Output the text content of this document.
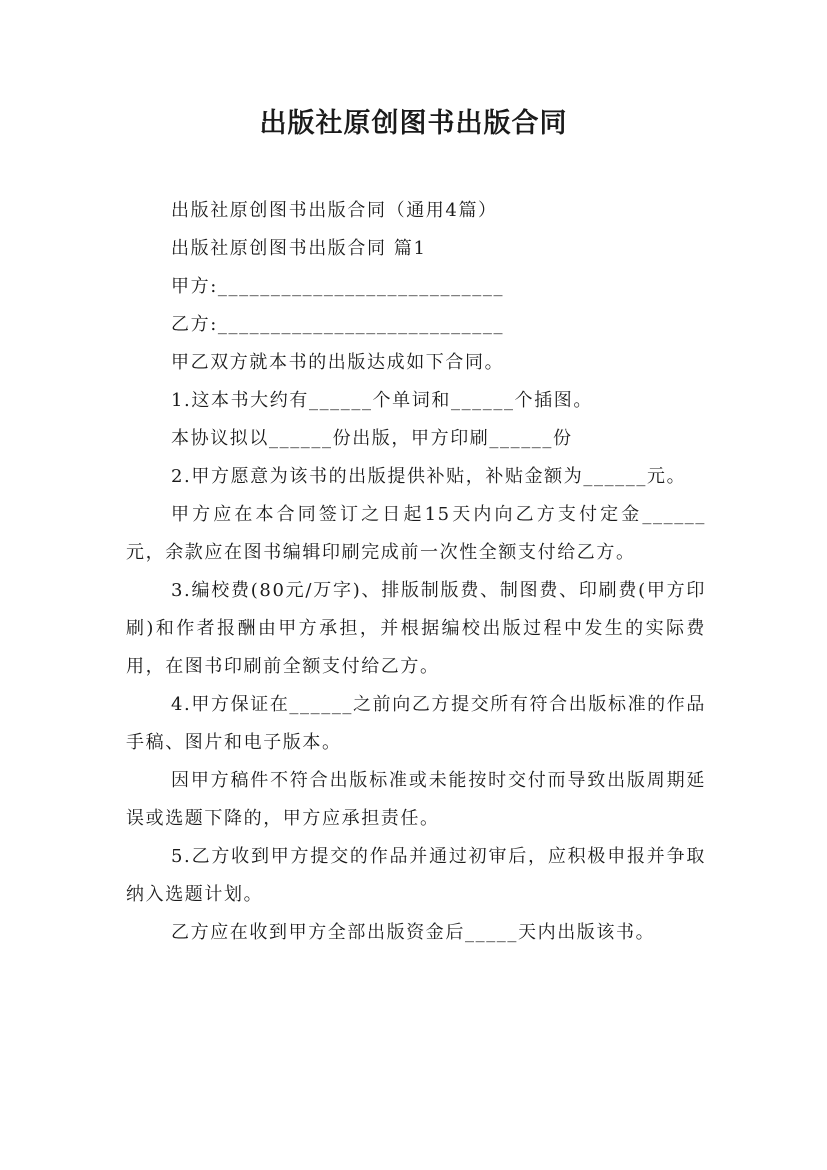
出版社原创图书出版合同

出版社原创图书出版合同（通用4篇）

出版社原创图书出版合同 篇1

甲方:___________________________

乙方:___________________________

甲乙双方就本书的出版达成如下合同。

1.这本书大约有______个单词和______个插图。

本协议拟以______份出版，甲方印刷______份

2.甲方愿意为该书的出版提供补贴，补贴金额为______元。

甲方应在本合同签订之日起15天内向乙方支付定金______元，余款应在图书编辑印刷完成前一次性全额支付给乙方。

3.编校费(80元/万字)、排版制版费、制图费、印刷费(甲方印刷)和作者报酬由甲方承担，并根据编校出版过程中发生的实际费用，在图书印刷前全额支付给乙方。

4.甲方保证在______之前向乙方提交所有符合出版标准的作品手稿、图片和电子版本。

因甲方稿件不符合出版标准或未能按时交付而导致出版周期延误或选题下降的，甲方应承担责任。

5.乙方收到甲方提交的作品并通过初审后，应积极申报并争取纳入选题计划。

乙方应在收到甲方全部出版资金后_____天内出版该书。
